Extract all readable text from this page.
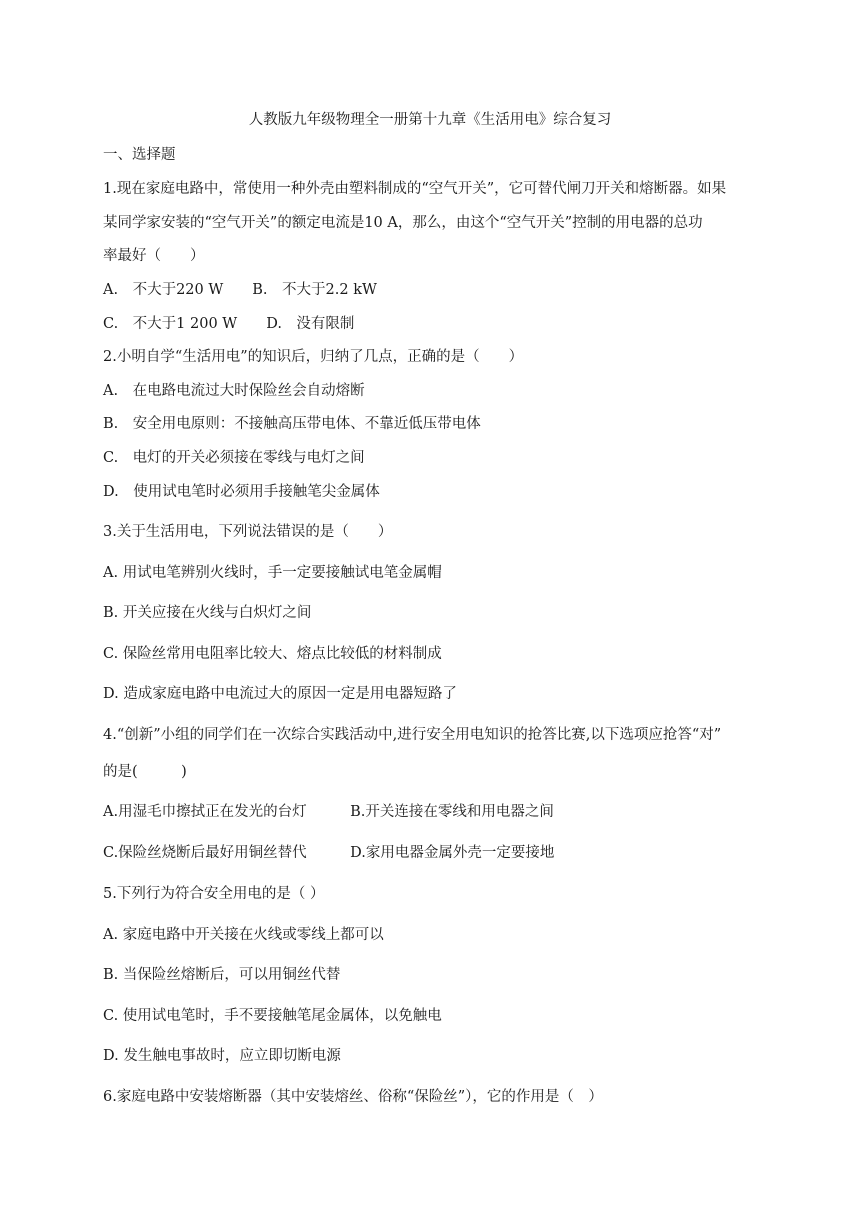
人教版九年级物理全一册第十九章《生活用电》综合复习
一、选择题
1.现在家庭电路中，常使用一种外壳由塑料制成的“空气开关”，它可替代闸刀开关和熔断器。如果
某同学家安装的“空气开关”的额定电流是10 A，那么，由这个“空气开关”控制的用电器的总功
率最好（　　）
A.　不大于220 W　　B.　不大于2.2 kW
C.　不大于1 200 W　　D.　没有限制
2.小明自学“生活用电”的知识后，归纳了几点，正确的是（　　）
A.　在电路电流过大时保险丝会自动熔断
B.　安全用电原则：不接触高压带电体、不靠近低压带电体
C.　电灯的开关必须接在零线与电灯之间
D.　使用试电笔时必须用手接触笔尖金属体
3.关于生活用电，下列说法错误的是（　　）
A. 用试电笔辨别火线时，手一定要接触试电笔金属帽
B. 开关应接在火线与白炽灯之间
C. 保险丝常用电阻率比较大、熔点比较低的材料制成
D. 造成家庭电路中电流过大的原因一定是用电器短路了
4.“创新”小组的同学们在一次综合实践活动中,进行安全用电知识的抢答比赛,以下选项应抢答“对”
的是(　　　)
A.用湿毛巾擦拭正在发光的台灯　　　B.开关连接在零线和用电器之间
C.保险丝烧断后最好用铜丝替代　　　D.家用电器金属外壳一定要接地
5.下列行为符合安全用电的是（ ）
A. 家庭电路中开关接在火线或零线上都可以
B. 当保险丝熔断后，可以用铜丝代替
C. 使用试电笔时，手不要接触笔尾金属体，以免触电
D. 发生触电事故时，应立即切断电源
6.家庭电路中安装熔断器（其中安装熔丝、俗称“保险丝”），它的作用是（　）
